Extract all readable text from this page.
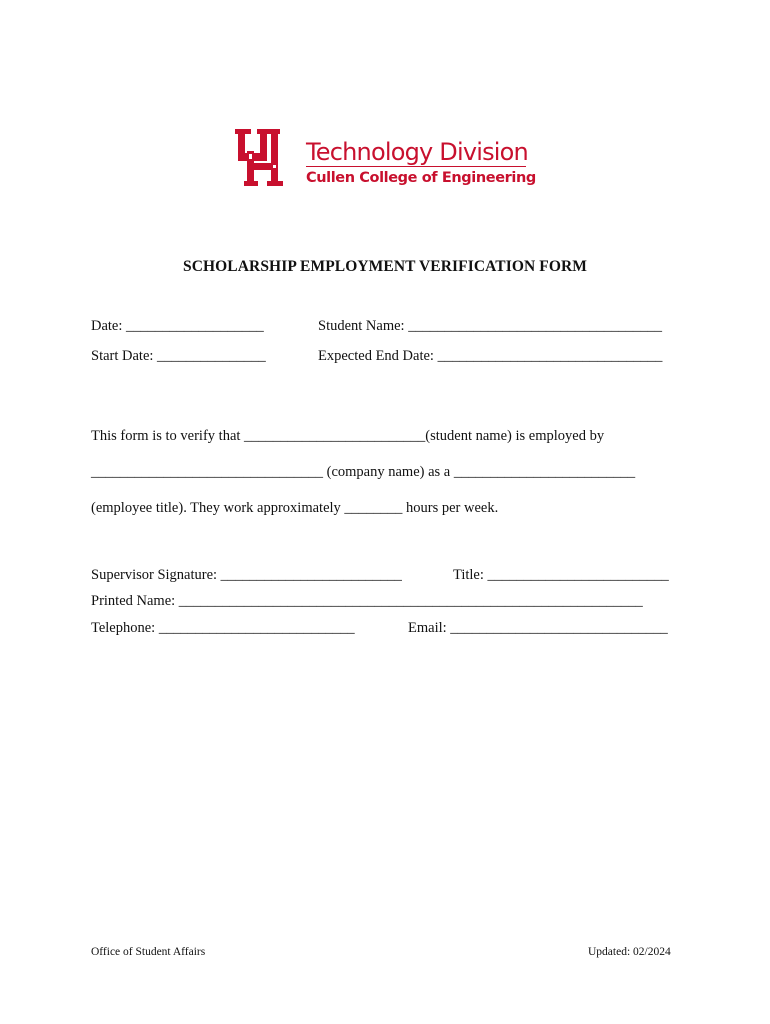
Technology Division
Cullen College of Engineering
SCHOLARSHIP EMPLOYMENT VERIFICATION FORM
Date: ___________________	Student Name: ___________________________________
Start Date: _______________	Expected End Date: _______________________________
This form is to verify that _________________________(student name) is employed by
________________________________ (company name) as a _________________________
(employee title). They work approximately ________ hours per week.
Supervisor Signature: _________________________	Title: _________________________
Printed Name: ________________________________________________________________
Telephone: ___________________________	Email: ______________________________
Office of Student Affairs	Updated: 02/2024
